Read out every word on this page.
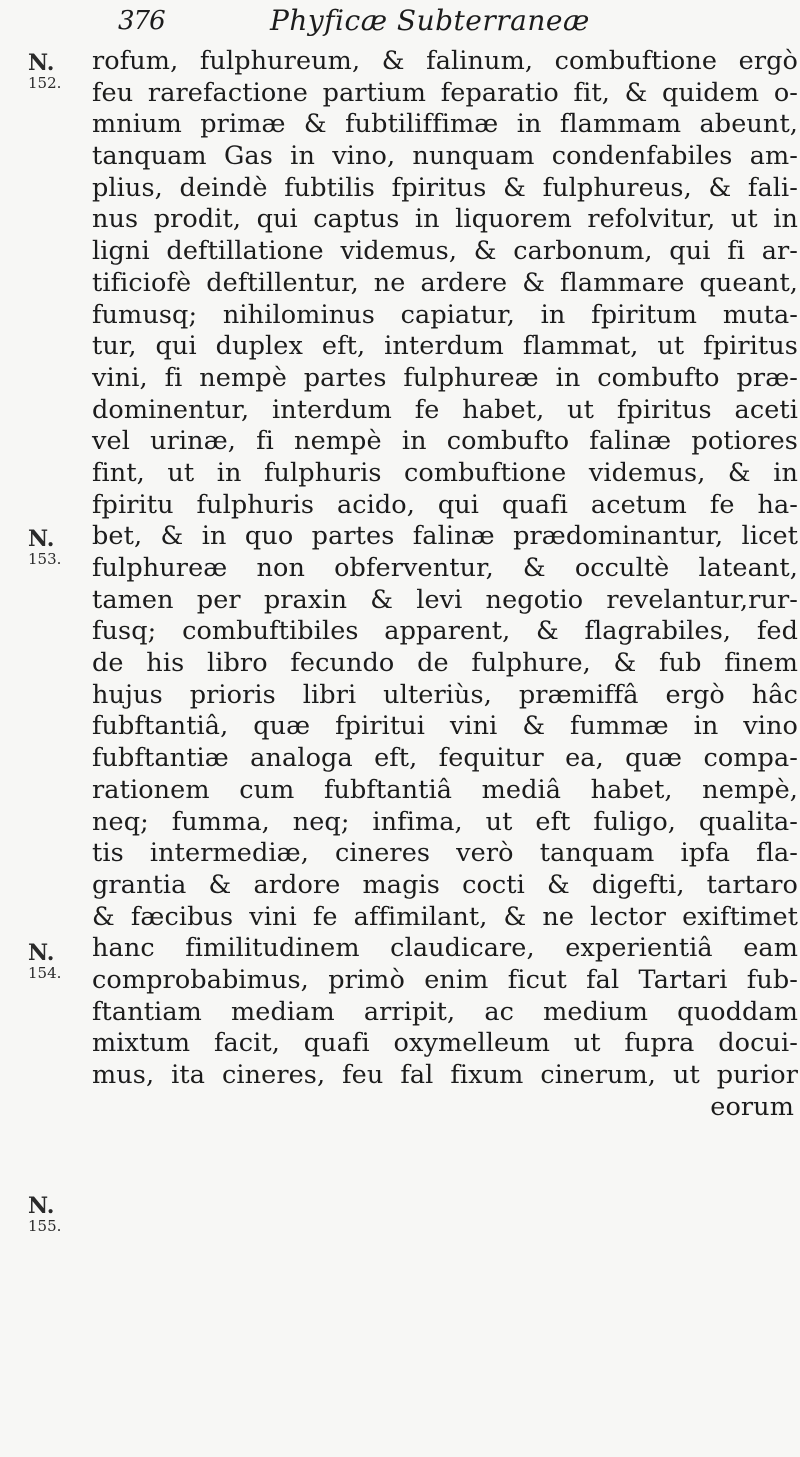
376	Phyficæ Subterraneæ
N.
152.
N.
153.
N.
154.
N.
155.
rofum, fulphureum, & falinum, combuftione ergò
feu rarefactione partium feparatio fit, & quidem o-
mnium primæ & fubtiliffimæ in flammam abeunt,
tanquam Gas in vino, nunquam condenfabiles am-
plius, deindè fubtilis fpiritus & fulphureus, & fali-
nus prodit, qui captus in liquorem refolvitur, ut in
ligni deftillatione videmus, & carbonum, qui fi ar-
tificiofè deftillentur, ne ardere & flammare queant,
fumusq; nihilominus capiatur, in fpiritum muta-
tur, qui duplex eft, interdum flammat, ut fpiritus
vini, fi nempè partes fulphureæ in combufto præ-
dominentur, interdum fe habet, ut fpiritus aceti
vel urinæ, fi nempè in combufto falinæ potiores
fint, ut in fulphuris combuftione videmus, & in
fpiritu fulphuris acido, qui quafi acetum fe ha-
bet, & in quo partes falinæ prædominantur, licet
fulphureæ non obferventur, & occultè lateant,
tamen per praxin & levi negotio revelantur,rur-
fusq; combuftibiles apparent, & flagrabiles, fed
de his libro fecundo de fulphure, & fub finem
hujus prioris libri ulteriùs, præmiffâ ergò hâc
fubftantiâ, quæ fpiritui vini & fummæ in vino
fubftantiæ analoga eft, fequitur ea, quæ compa-
rationem cum fubftantiâ mediâ habet, nempè,
neq; fumma, neq; infima, ut eft fuligo, qualita-
tis intermediæ, cineres verò tanquam ipfa fla-
grantia & ardore magis cocti & digefti, tartaro
& fæcibus vini fe affimilant, & ne lector exiftimet
hanc fimilitudinem claudicare, experientiâ eam
comprobabimus, primò enim ficut fal Tartari fub-
ftantiam mediam arripit, ac medium quoddam
mixtum facit, quafi oxymelleum ut fupra docui-
mus, ita cineres, feu fal fixum cinerum, ut purior
eorum
